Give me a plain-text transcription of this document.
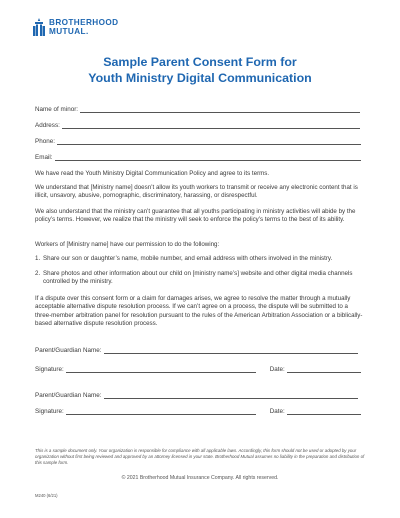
BROTHERHOOD
MUTUAL.
Sample Parent Consent Form for
Youth Ministry Digital Communication
Name of minor:
Address:
Phone:
Email:

We have read the Youth Ministry Digital Communication Policy and agree to its terms.

We understand that [Ministry name] doesn’t allow its youth workers to transmit or receive any electronic content that is illicit, unsavory, abusive, pornographic, discriminatory, harassing, or disrespectful.

We also understand that the ministry can’t guarantee that all youths participating in ministry activities will abide by the policy’s terms. However, we realize that the ministry will seek to enforce the policy’s terms to the best of its ability.

Workers of [Ministry name] have our permission to do the following:

1. Share our son or daughter’s name, mobile number, and email address with others involved in the ministry.
2. Share photos and other information about our child on [ministry name’s] website and other digital media channels controlled by the ministry.

If a dispute over this consent form or a claim for damages arises, we agree to resolve the matter through a mutually acceptable alternative dispute resolution process. If we can’t agree on a process, the dispute will be submitted to a three-member arbitration panel for resolution pursuant to the rules of the American Arbitration Association or a biblically-based alternative dispute resolution process.

Parent/Guardian Name:
Signature:	Date:
Parent/Guardian Name:
Signature:	Date:
This is a sample document only. Your organization is responsible for compliance with all applicable laws. Accordingly, this form should not be used or adopted by your organization without first being reviewed and approved by an attorney licensed in your state. Brotherhood Mutual assumes no liability in the preparation and distribution of this sample form.
© 2021 Brotherhood Mutual Insurance Company. All rights reserved.
M240 (6/21)
